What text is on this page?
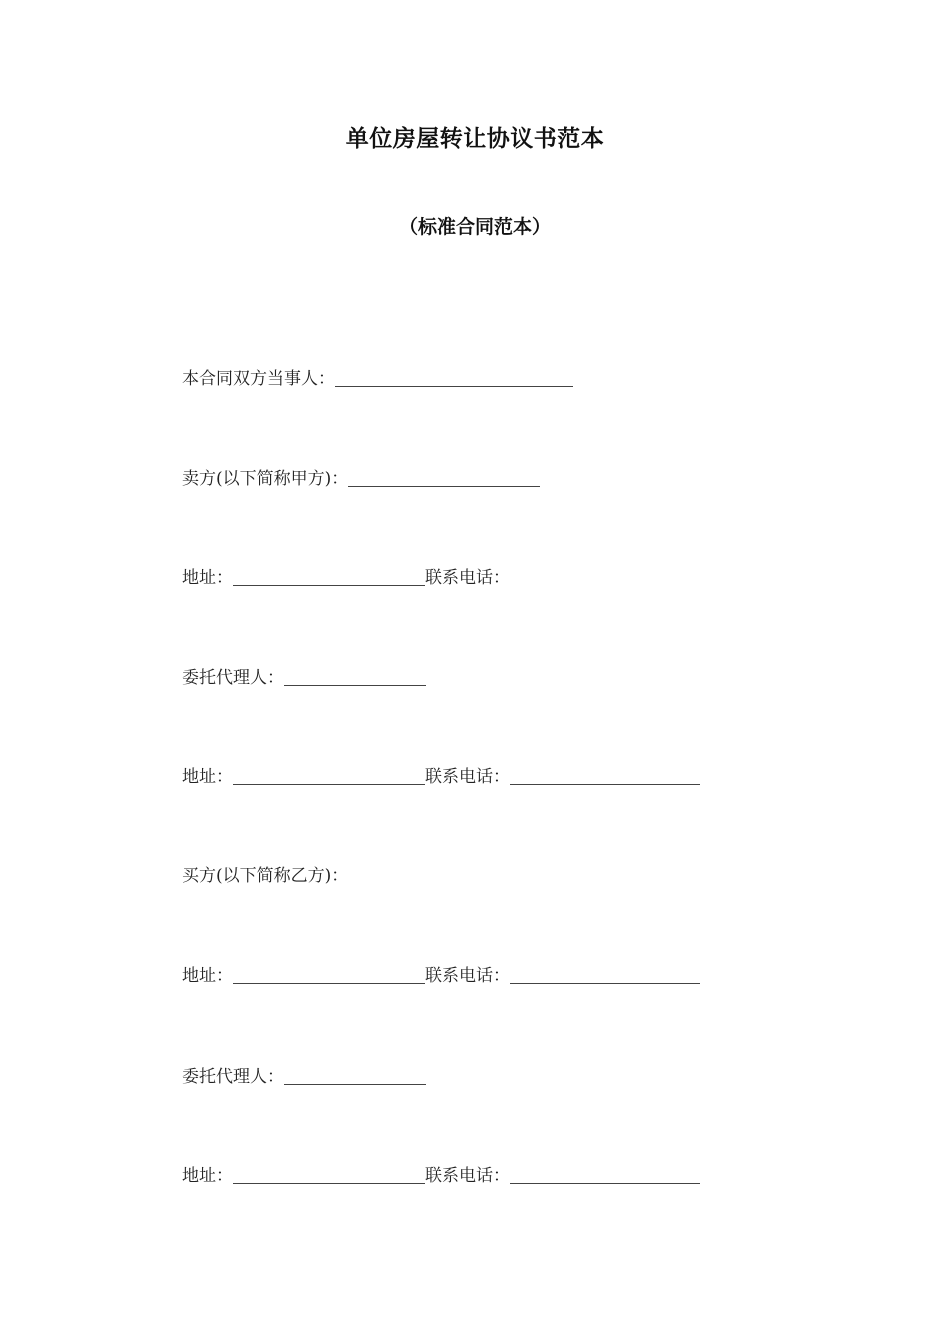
单位房屋转让协议书范本
（标准合同范本）
本合同双方当事人：
卖方(以下简称甲方)：
地址：	联系电话：
委托代理人：
地址：	联系电话：
买方(以下简称乙方)：
地址：	联系电话：
委托代理人：
地址：	联系电话：
